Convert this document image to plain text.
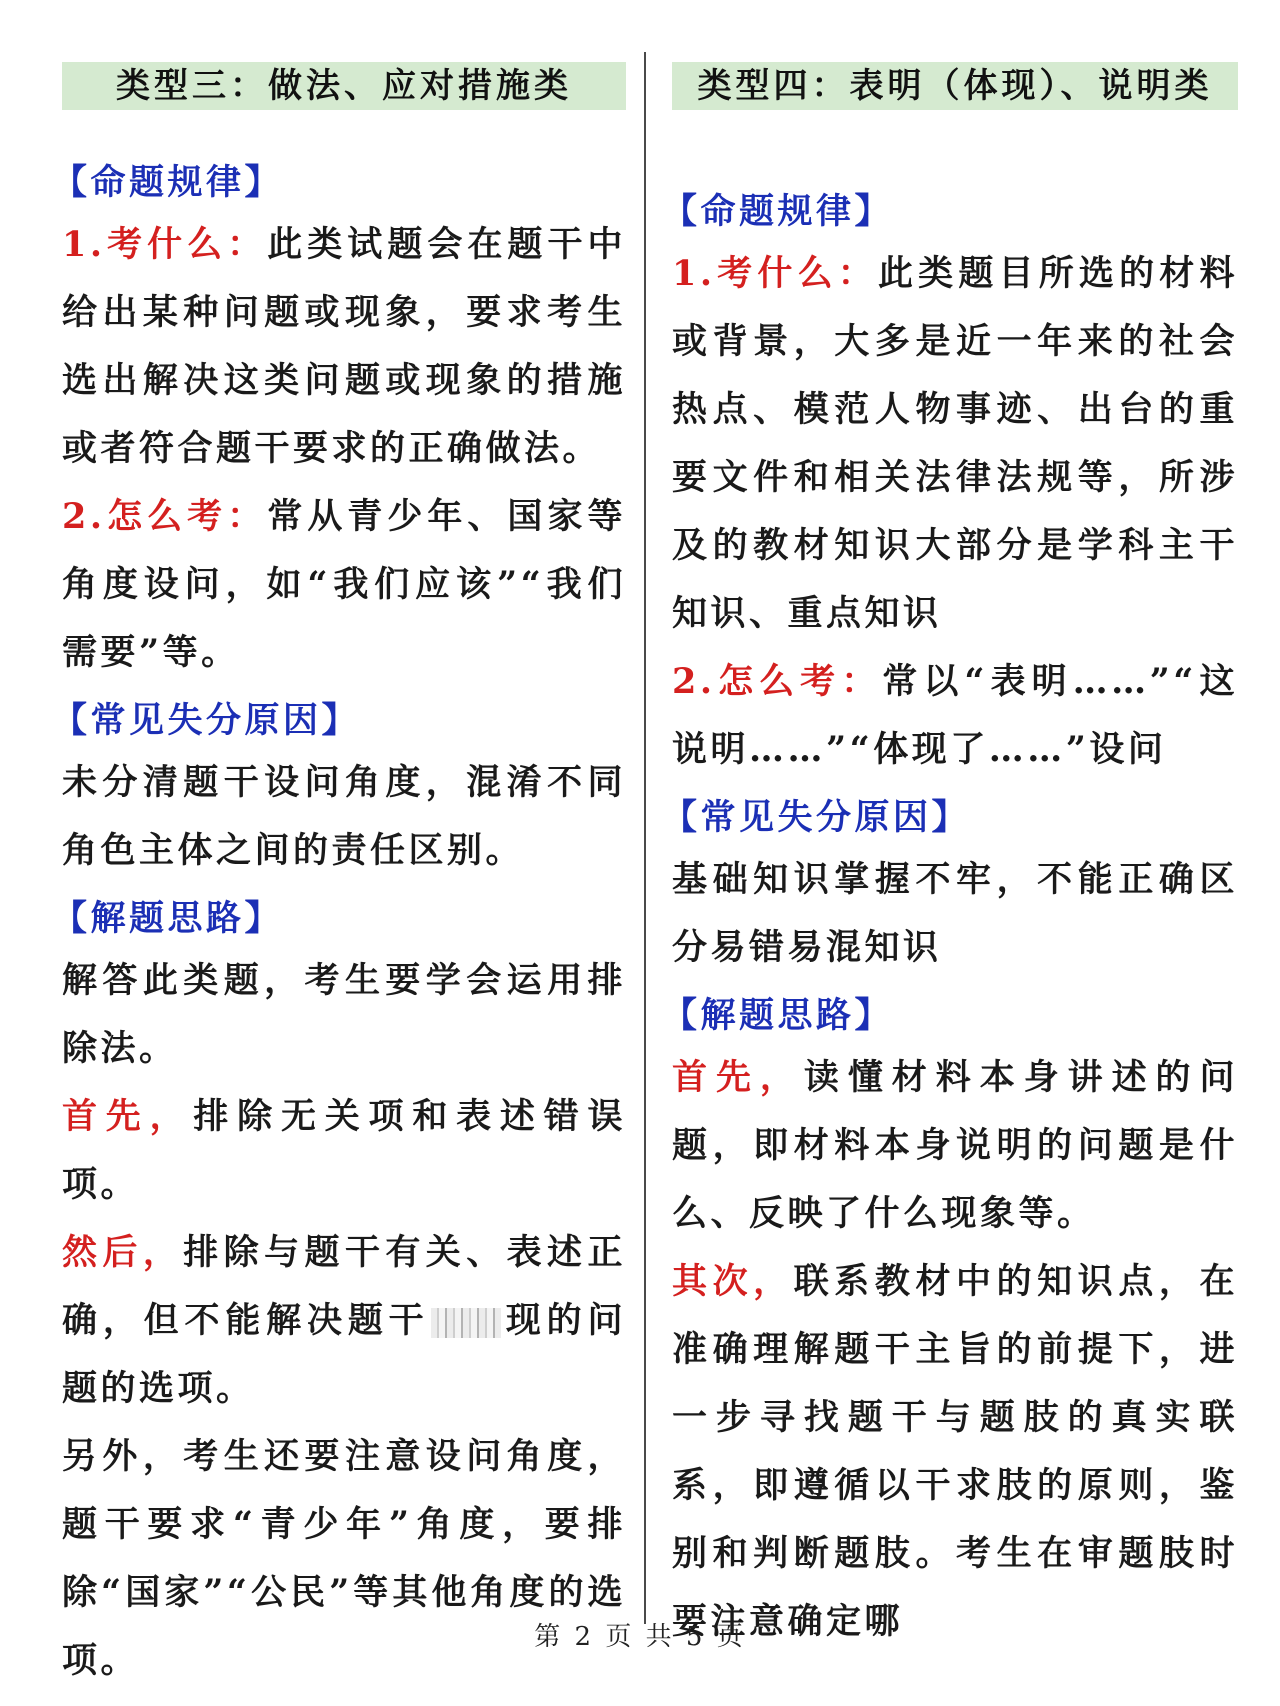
类型三：做法、应对措施类

【命题规律】

1.考什么：此类试题会在题干中给出某种问题或现象，要求考生选出解决这类问题或现象的措施或者符合题干要求的正确做法。

2.怎么考：常从青少年、国家等角度设问，如“我们应该”“我们需要”等。

【常见失分原因】

未分清题干设问角度，混淆不同角色主体之间的责任区别。

【解题思路】

解答此类题，考生要学会运用排除法。

首先，排除无关项和表述错误项。

然后，排除与题干有关、表述正确，但不能解决题干 现的问题的选项。

另外，考生还要注意设问角度，题干要求“青少年”角度，要排除“国家”“公民”等其他角度的选项。

类型四：表明（体现）、说明类

【命题规律】

1.考什么：此类题目所选的材料或背景，大多是近一年来的社会热点、模范人物事迹、出台的重要文件和相关法律法规等，所涉及的教材知识大部分是学科主干知识、重点知识

2.怎么考：常以“表明……”“这说明……”“体现了……”设问

【常见失分原因】

基础知识掌握不牢，不能正确区分易错易混知识

【解题思路】

首先，读懂材料本身讲述的问题，即材料本身说明的问题是什么、反映了什么现象等。

其次，联系教材中的知识点，在准确理解题干主旨的前提下，进一步寻找题干与题肢的真实联系，即遵循以干求肢的原则，鉴别和判断题肢。考生在审题肢时要注意确定哪

第 2 页 共 5 页
